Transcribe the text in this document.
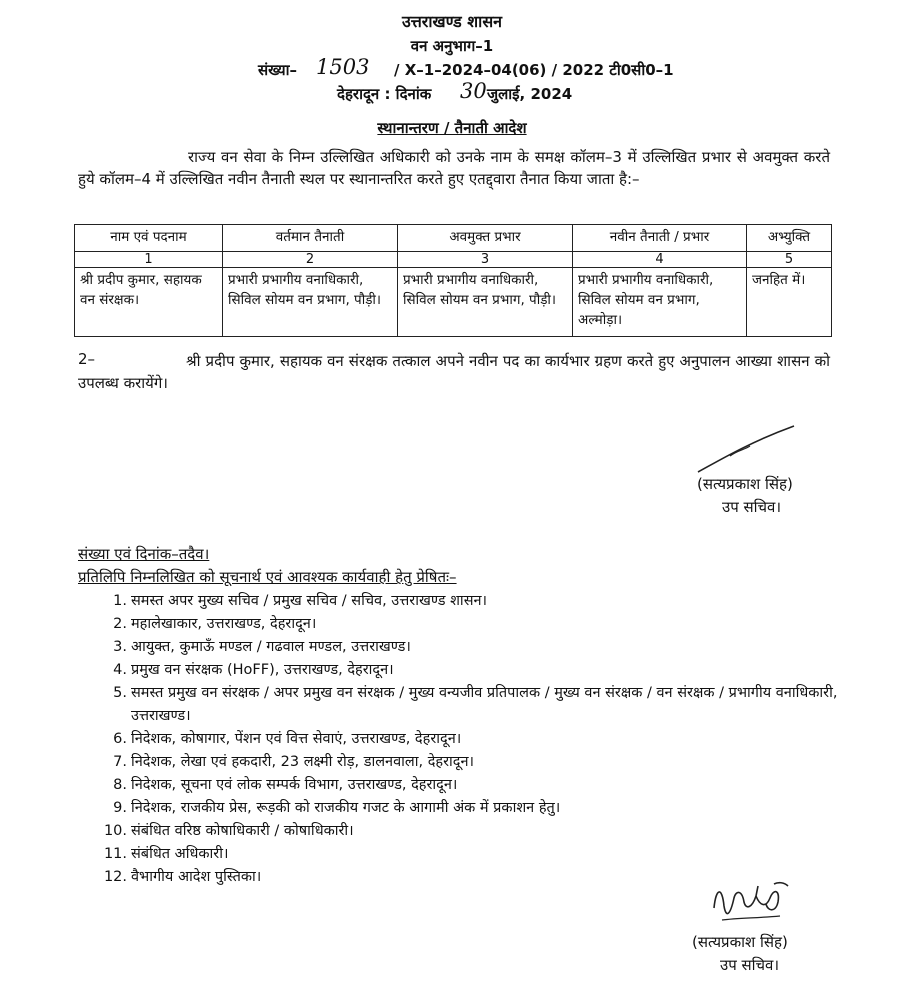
उत्तराखण्ड शासन
वन अनुभाग–1
संख्या– 1503 / X–1–2024–04(06) / 2022 टी0सी0–1
देहरादून : दिनांक 30 जुलाई, 2024
स्थानान्तरण / तैनाती आदेश
राज्य वन सेवा के निम्न उल्लिखित अधिकारी को उनके नाम के समक्ष कॉलम–3 में उल्लिखित प्रभार से अवमुक्त करते हुये कॉलम–4 में उल्लिखित नवीन तैनाती स्थल पर स्थानान्तरित करते हुए एतद्द्वारा तैनात किया जाता है:–
नाम एवं पदनाम	वर्तमान तैनाती	अवमुक्त प्रभार	नवीन तैनाती / प्रभार	अभ्युक्ति
1	2	3	4	5
श्री प्रदीप कुमार, सहायक वन संरक्षक।	प्रभारी प्रभागीय वनाधिकारी, सिविल सोयम वन प्रभाग, पौड़ी।	प्रभारी प्रभागीय वनाधिकारी, सिविल सोयम वन प्रभाग, पौड़ी।	प्रभारी प्रभागीय वनाधिकारी, सिविल सोयम वन प्रभाग, अल्मोड़ा।	जनहित में।
2–	श्री प्रदीप कुमार, सहायक वन संरक्षक तत्काल अपने नवीन पद का कार्यभार ग्रहण करते हुए अनुपालन आख्या शासन को उपलब्ध करायेंगे।
(सत्यप्रकाश सिंह)
उप सचिव।
संख्या एवं दिनांक–तदैव।
प्रतिलिपि निम्नलिखित को सूचनार्थ एवं आवश्यक कार्यवाही हेतु प्रेषितः–
1. समस्त अपर मुख्य सचिव / प्रमुख सचिव / सचिव, उत्तराखण्ड शासन।
2. महालेखाकार, उत्तराखण्ड, देहरादून।
3. आयुक्त, कुमाऊँ मण्डल / गढवाल मण्डल, उत्तराखण्ड।
4. प्रमुख वन संरक्षक (HoFF), उत्तराखण्ड, देहरादून।
5. समस्त प्रमुख वन संरक्षक / अपर प्रमुख वन संरक्षक / मुख्य वन्यजीव प्रतिपालक / मुख्य वन संरक्षक / वन संरक्षक / प्रभागीय वनाधिकारी, उत्तराखण्ड।
6. निदेशक, कोषागार, पेंशन एवं वित्त सेवाएं, उत्तराखण्ड, देहरादून।
7. निदेशक, लेखा एवं हकदारी, 23 लक्ष्मी रोड़, डालनवाला, देहरादून।
8. निदेशक, सूचना एवं लोक सम्पर्क विभाग, उत्तराखण्ड, देहरादून।
9. निदेशक, राजकीय प्रेस, रूड़की को राजकीय गजट के आगामी अंक में प्रकाशन हेतु।
10. संबंधित वरिष्ठ कोषाधिकारी / कोषाधिकारी।
11. संबंधित अधिकारी।
12. वैभागीय आदेश पुस्तिका।
(सत्यप्रकाश सिंह)
उप सचिव।
